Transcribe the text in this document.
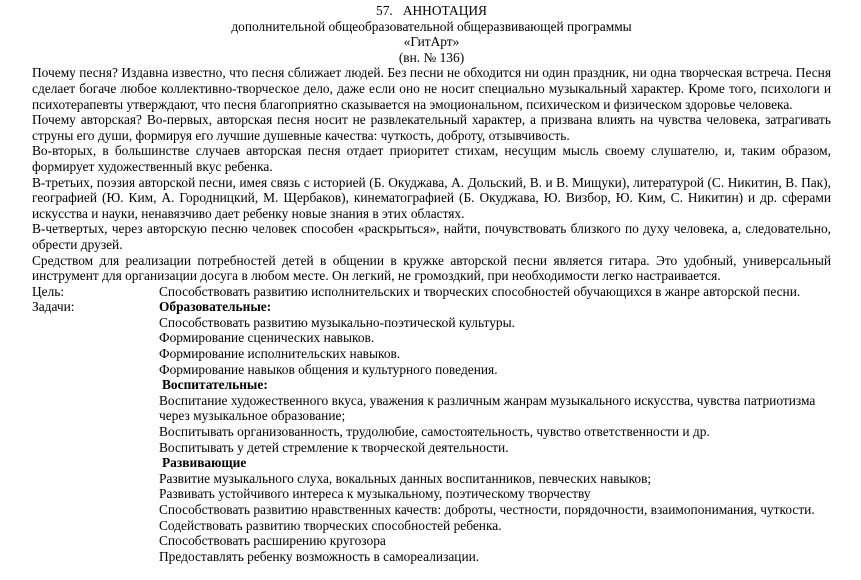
57. АННОТАЦИЯ
дополнительной общеобразовательной общеразвивающей программы
«ГитАрт»
(вн. № 136)
Почему песня? Издавна известно, что песня сближает людей. Без песни не обходится ни один праздник, ни одна творческая встреча. Песня сделает богаче любое коллективно-творческое дело, даже если оно не носит специально музыкальный характер. Кроме того, психологи и психотерапевты утверждают, что песня благоприятно сказывается на эмоциональном, психическом и физическом здоровье человека.
Почему авторская? Во-первых, авторская песня носит не развлекательный характер, а призвана влиять на чувства человека, затрагивать струны его души, формируя его лучшие душевные качества: чуткость, доброту, отзывчивость.
Во-вторых, в большинстве случаев авторская песня отдает приоритет стихам, несущим мысль своему слушателю, и, таким образом, формирует художественный вкус ребенка.
В-третьих, поэзия авторской песни, имея связь с историей (Б. Окуджава, А. Дольский, В. и В. Мищуки), литературой (С. Никитин, В. Пак), географией (Ю. Ким, А. Городницкий, М. Щербаков), кинематографией (Б. Окуджава, Ю. Визбор, Ю. Ким, С. Никитин) и др. сферами искусства и науки, ненавязчиво дает ребенку новые знания в этих областях.
В-четвертых, через авторскую песню человек способен «раскрыться», найти, почувствовать близкого по духу человека, а, следовательно, обрести друзей.
Средством для реализации потребностей детей в общении в кружке авторской песни является гитара. Это удобный, универсальный инструмент для организации досуга в любом месте. Он легкий, не громоздкий, при необходимости легко настраивается.
Цель:	Способствовать развитию исполнительских и творческих способностей обучающихся в жанре авторской песни.
Задачи:	Образовательные:
Способствовать развитию музыкально-поэтической культуры.
Формирование сценических навыков.
Формирование исполнительских навыков.
Формирование навыков общения и культурного поведения.
Воспитательные:
Воспитание художественного вкуса, уважения к различным жанрам музыкального искусства, чувства патриотизма через музыкальное образование;
Воспитывать организованность, трудолюбие, самостоятельность, чувство ответственности и др.
Воспитывать у детей стремление к творческой деятельности.
Развивающие
Развитие музыкального слуха, вокальных данных воспитанников, певческих навыков;
Развивать устойчивого интереса к музыкальному, поэтическому творчеству
Способствовать развитию нравственных качеств: доброты, честности, порядочности, взаимопонимания, чуткости.
Содействовать развитию творческих способностей ребенка.
Способствовать расширению кругозора
Предоставлять ребенку возможность в самореализации.
